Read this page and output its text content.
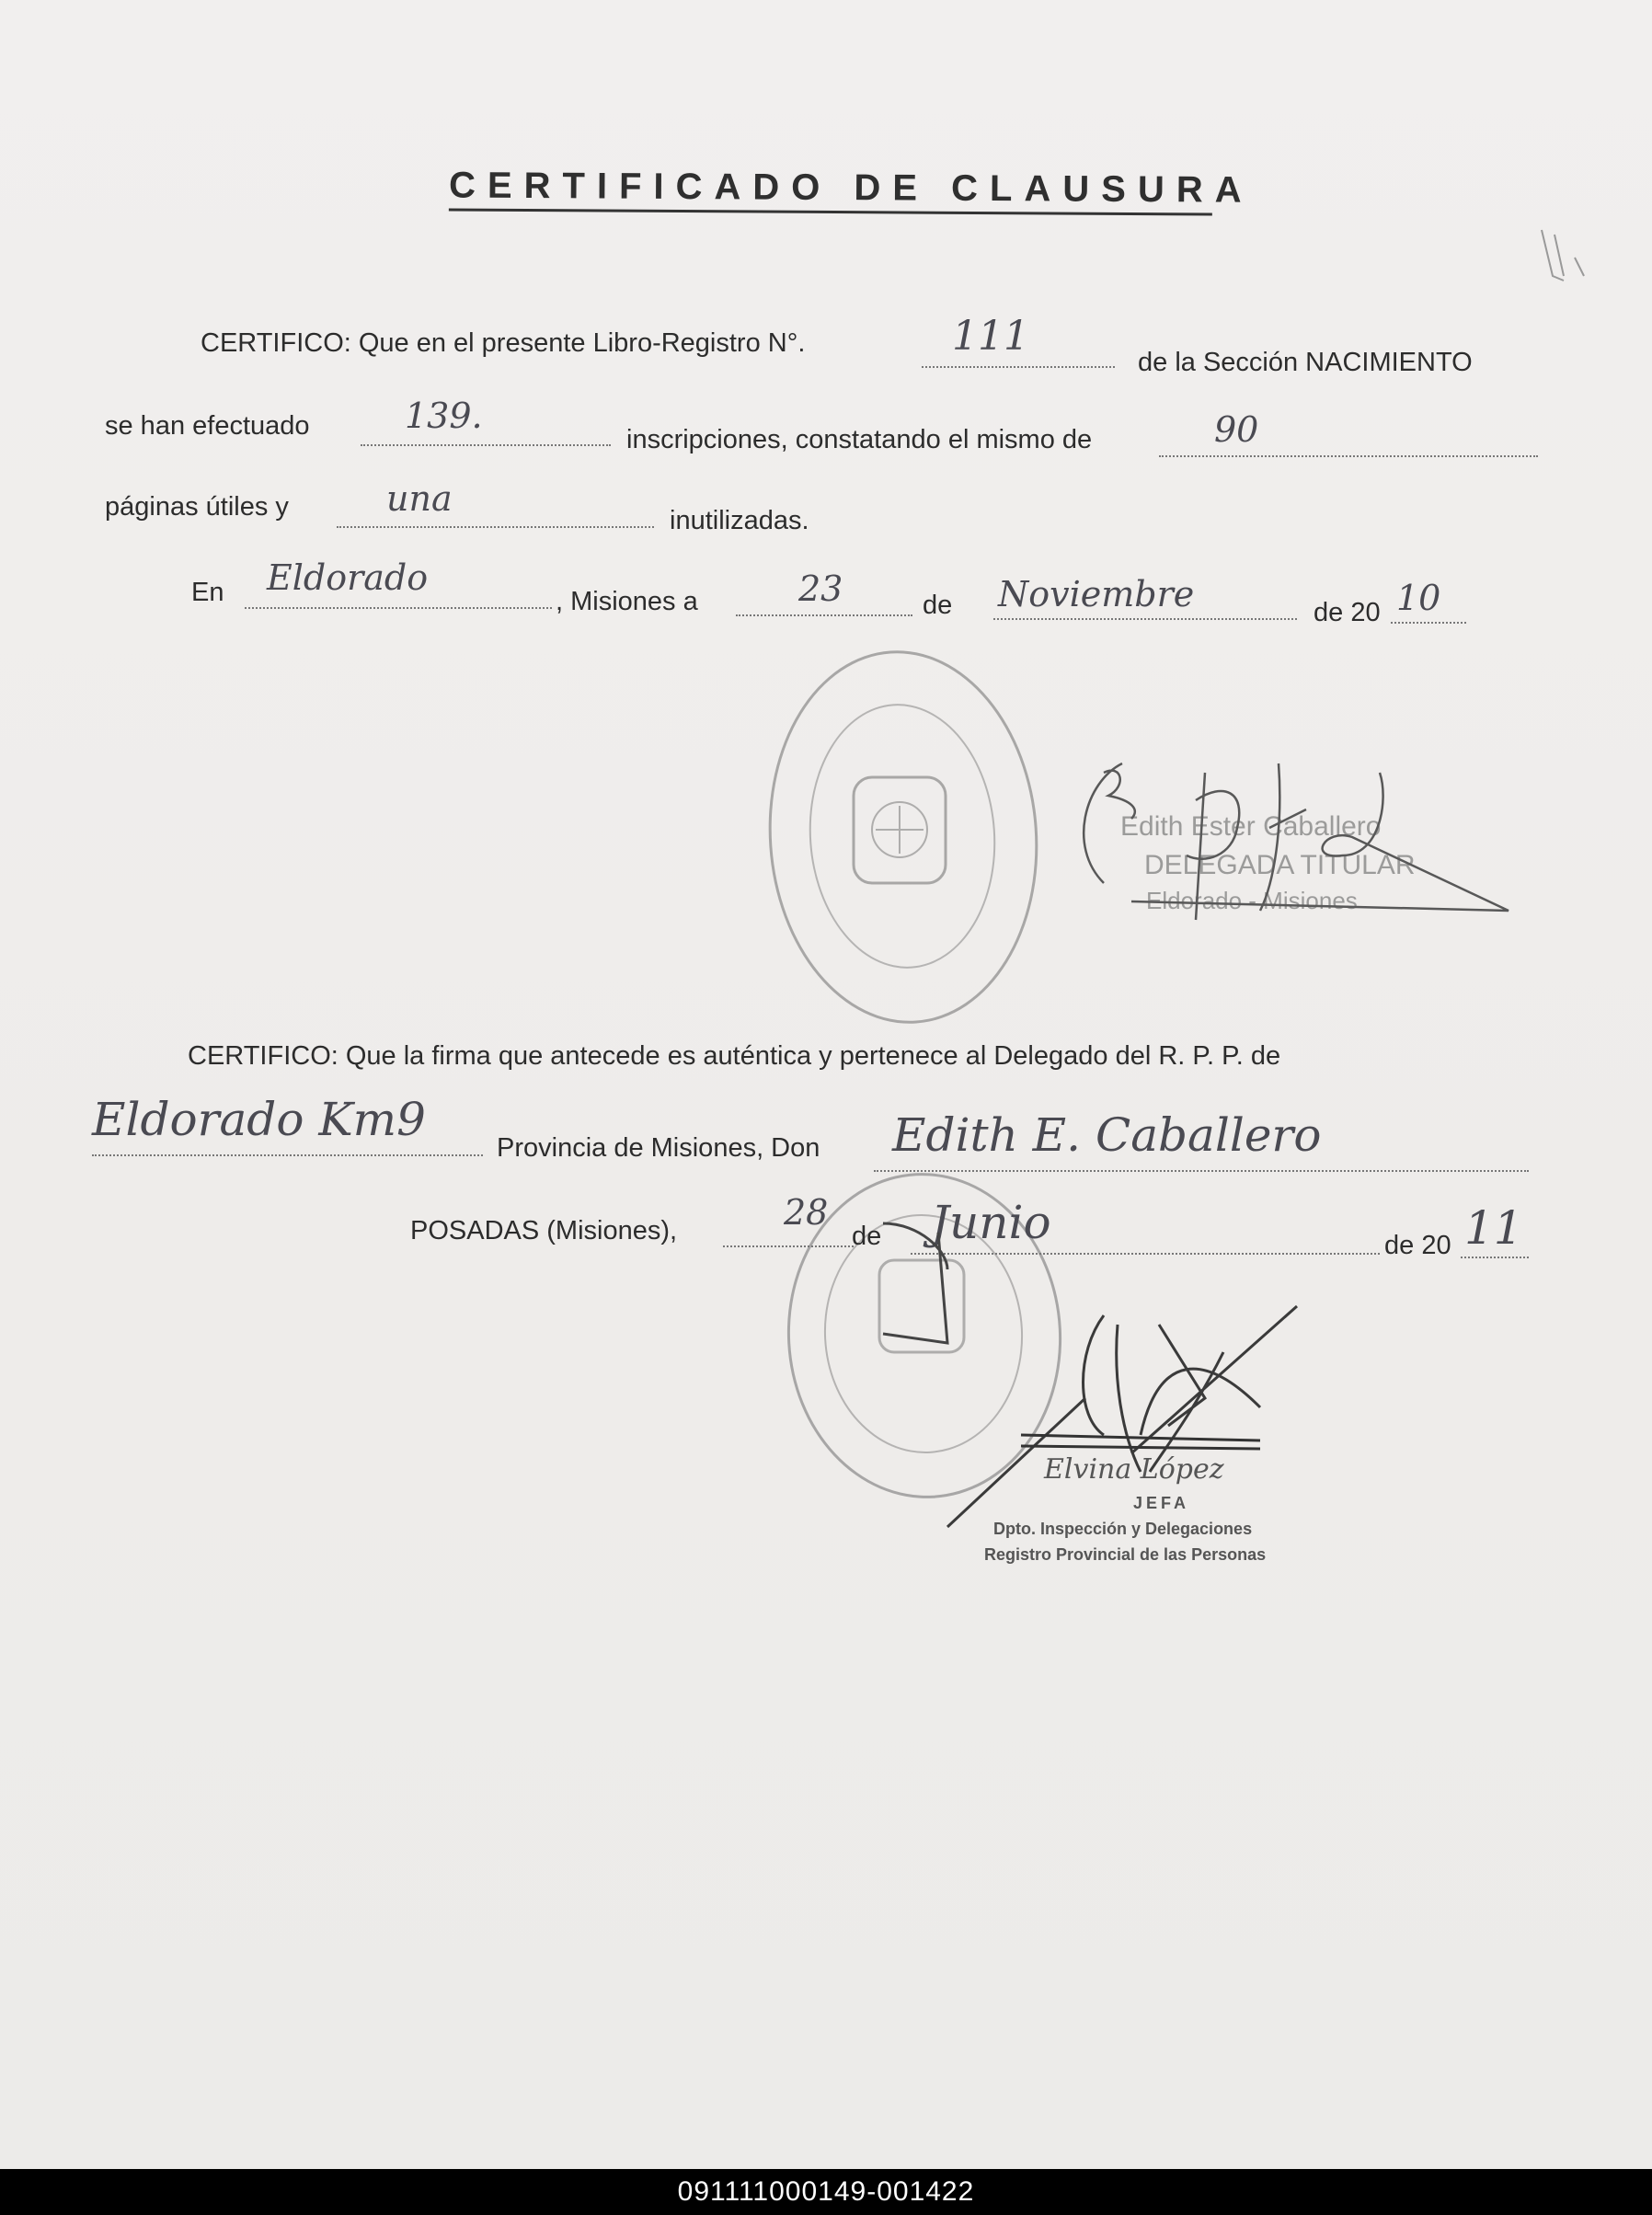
CERTIFICADO DE CLAUSURA
CERTIFICO: Que en el presente Libro-Registro N°.	111
de la Sección NACIMIENTO
se han efectuado	139.
inscripciones, constatando el mismo de	90
páginas útiles y	una
inutilizadas.
En Eldorado
, Misiones a	23	de Noviembre	de 20 10
Edith Ester Caballero
DELEGADA TITULAR
Eldorado - Misiones
CERTIFICO: Que la firma que antecede es auténtica y pertenece al Delegado del R. P. P. de
Eldorado Km9
Provincia de Misiones, Don Edith E. Caballero
POSADAS (Misiones),	28
de Junio	de 20 11
Elvina López
JEFA
Dpto. Inspección y Delegaciones
Registro Provincial de las Personas
091111000149-001422
